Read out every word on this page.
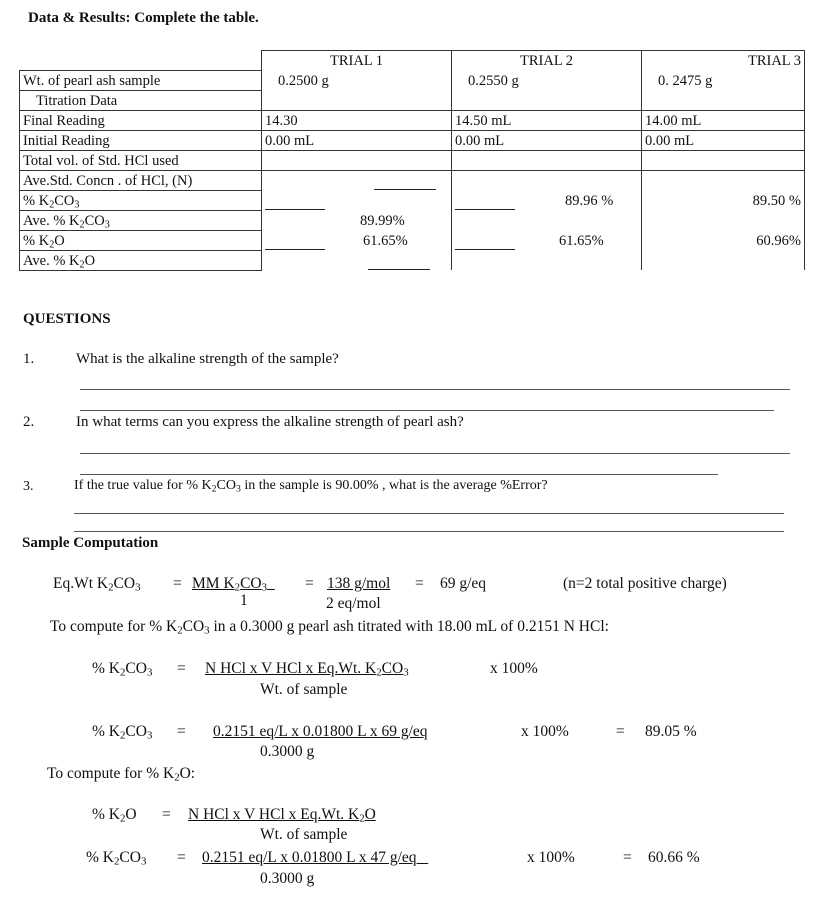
Data & Results: Complete the table.
	TRIAL 1	TRIAL 2	TRIAL 3
Wt. of pearl ash sample	0.2500 g	0.2550 g	0. 2475 g
Titration Data			
Final Reading	14.30	14.50 mL	14.00 mL
Initial Reading	0.00 mL	0.00 mL	0.00 mL
Total vol. of Std. HCl used			
Ave.Std. Concn . of HCl, (N)			
% $K_2CO_3$		89.96 %	89.50 %
Ave. % $K_2CO_3$	89.99%		
% $K_2O$	61.65%	61.65%	60.96%
Ave. % $K_2O$			
QUESTIONS
1.	What is the alkaline strength of the sample?
2.	In what terms can you express the alkaline strength of pearl ash?
3.	If the true value for % $K_2CO_3$ in the sample is 90.00% , what is the average %Error?
Sample Computation
Eq.Wt $K_2CO_3$ = MM $K_2CO_3$
1
= 138 g/mol
2 eq/mol
= 69 g/eq	(n=2 total positive charge)
To compute for % $K_2CO_3$ in a 0.3000 g pearl ash titrated with 18.00 mL of 0.2151 N HCl:
% $K_2CO_3 = N$ HCl x V HCl x Eq.Wt. $K_2CO_3$	x 100%
Wt. of sample
% $K_2CO_3 = 0.2151$ eq/L x 0.01800 L x 69 g/eq	x 100%	= 89.05 %
0.3000 g
To compute for % $K_2O$:
% $K_2O = N$ HCl x V HCl x Eq.Wt. $K_2O$
Wt. of sample
% $K_2CO_3 = 0.2151$ eq/L x 0.01800 L x 47 g/eq	x 100%	= 60.66 %
0.3000 g
